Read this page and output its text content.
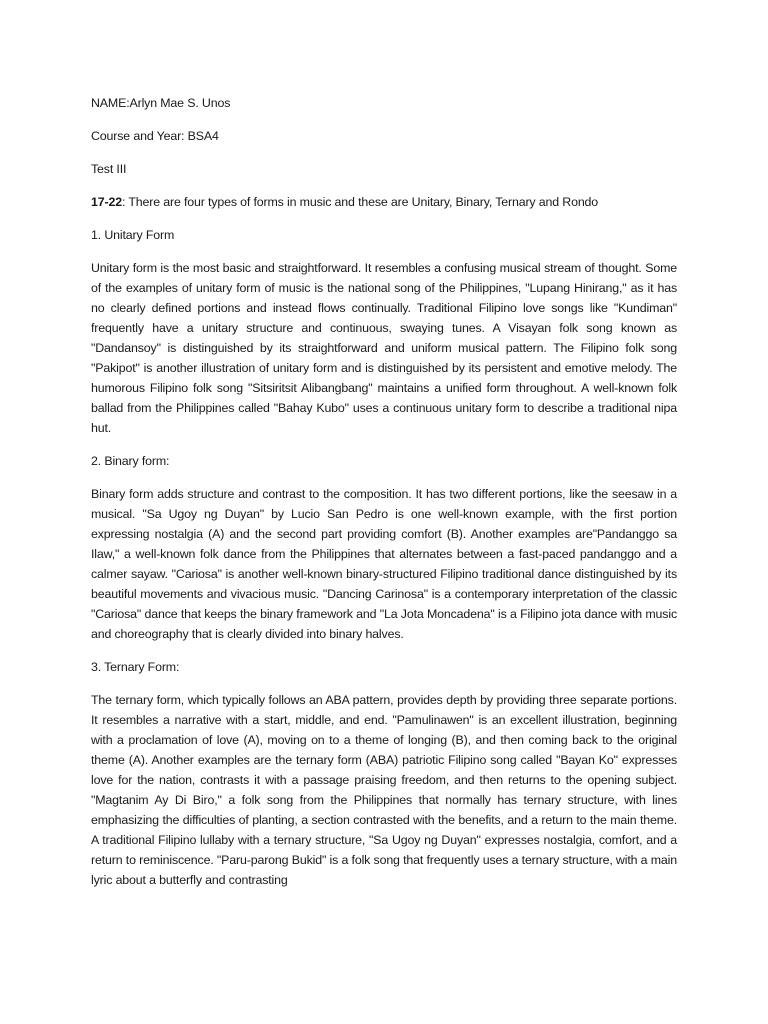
NAME:Arlyn Mae S. Unos

Course and Year: BSA4

Test III

17-22: There are four types of forms in music and these are Unitary, Binary, Ternary and Rondo

1. Unitary Form

Unitary form is the most basic and straightforward. It resembles a confusing musical stream of thought. Some of the examples of unitary form of music is the national song of the Philippines, "Lupang Hinirang," as it has no clearly defined portions and instead flows continually. Traditional Filipino love songs like "Kundiman" frequently have a unitary structure and continuous, swaying tunes. A Visayan folk song known as "Dandansoy" is distinguished by its straightforward and uniform musical pattern. The Filipino folk song "Pakipot" is another illustration of unitary form and is distinguished by its persistent and emotive melody. The humorous Filipino folk song "Sitsiritsit Alibangbang" maintains a unified form throughout. A well-known folk ballad from the Philippines called "Bahay Kubo" uses a continuous unitary form to describe a traditional nipa hut.

2. Binary form:

Binary form adds structure and contrast to the composition. It has two different portions, like the seesaw in a musical. "Sa Ugoy ng Duyan" by Lucio San Pedro is one well-known example, with the first portion expressing nostalgia (A) and the second part providing comfort (B). Another examples are"Pandanggo sa Ilaw," a well-known folk dance from the Philippines that alternates between a fast-paced pandanggo and a calmer sayaw. "Cariosa" is another well-known binary-structured Filipino traditional dance distinguished by its beautiful movements and vivacious music. "Dancing Carinosa" is a contemporary interpretation of the classic "Cariosa" dance that keeps the binary framework and "La Jota Moncadena" is a Filipino jota dance with music and choreography that is clearly divided into binary halves.

3. Ternary Form:

The ternary form, which typically follows an ABA pattern, provides depth by providing three separate portions. It resembles a narrative with a start, middle, and end. "Pamulinawen" is an excellent illustration, beginning with a proclamation of love (A), moving on to a theme of longing (B), and then coming back to the original theme (A). Another examples are the ternary form (ABA) patriotic Filipino song called "Bayan Ko" expresses love for the nation, contrasts it with a passage praising freedom, and then returns to the opening subject. "Magtanim Ay Di Biro," a folk song from the Philippines that normally has ternary structure, with lines emphasizing the difficulties of planting, a section contrasted with the benefits, and a return to the main theme. A traditional Filipino lullaby with a ternary structure, "Sa Ugoy ng Duyan" expresses nostalgia, comfort, and a return to reminiscence. "Paru-parong Bukid" is a folk song that frequently uses a ternary structure, with a main lyric about a butterfly and contrasting
